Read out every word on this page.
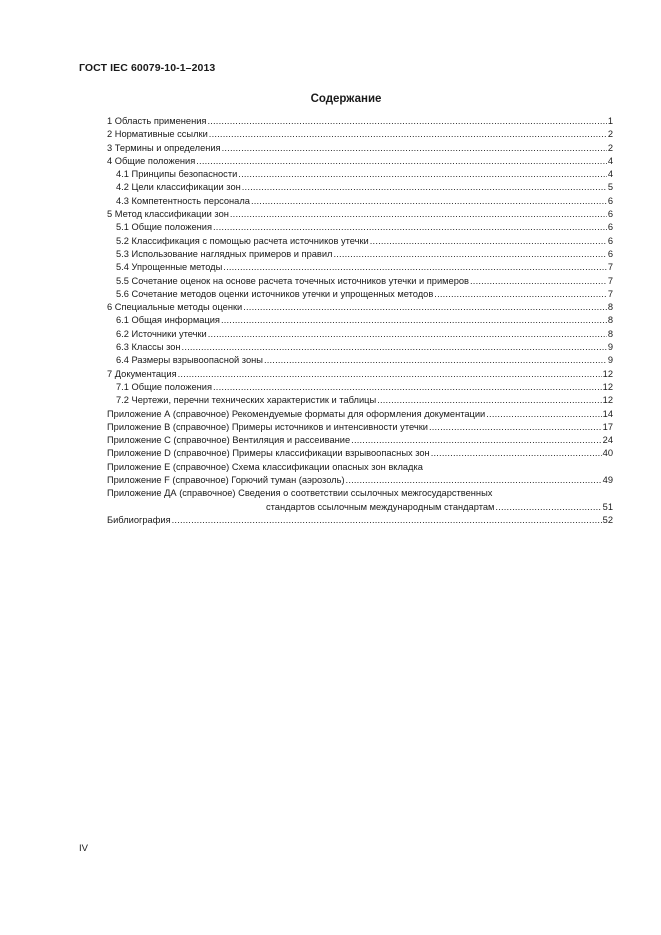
ГОСТ IEC 60079-10-1–2013
Содержание
1 Область применения .....	1
2 Нормативные ссылки .....	2
3 Термины и определения .....	2
4 Общие положения .....	4
4.1 Принципы безопасности .....	4
4.2 Цели классификации зон .....	5
4.3 Компетентность персонала .....	6
5 Метод классификации зон .....	6
5.1 Общие положения .....	6
5.2 Классификация с помощью расчета источников утечки .....	6
5.3 Использование наглядных примеров и правил .....	6
5.4 Упрощенные методы .....	7
5.5 Сочетание оценок на основе расчета точечных источников утечки и примеров .....	7
5.6 Сочетание методов оценки источников утечки и упрощенных методов .....	7
6 Специальные методы оценки .....	8
6.1 Общая информация .....	8
6.2 Источники утечки .....	8
6.3 Классы зон .....	9
6.4 Размеры взрывоопасной зоны .....	9
7 Документация .....	12
7.1 Общие положения .....	12
7.2 Чертежи, перечни технических характеристик и таблицы .....	12
Приложение А (справочное) Рекомендуемые форматы для оформления документации .....	14
Приложение В (справочное) Примеры источников и интенсивности утечки .....	17
Приложение С (справочное) Вентиляция и рассеивание .....	24
Приложение D (справочное) Примеры классификации взрывоопасных зон .....	40
Приложение Е (справочное) Схема классификации опасных зон вкладка
Приложение F (справочное) Горючий туман (аэрозоль) .....	49
Приложение ДА (справочное) Сведения о соответствии ссылочных межгосударственных
стандартов ссылочным международным стандартам .....	51
Библиография .....	52
IV
